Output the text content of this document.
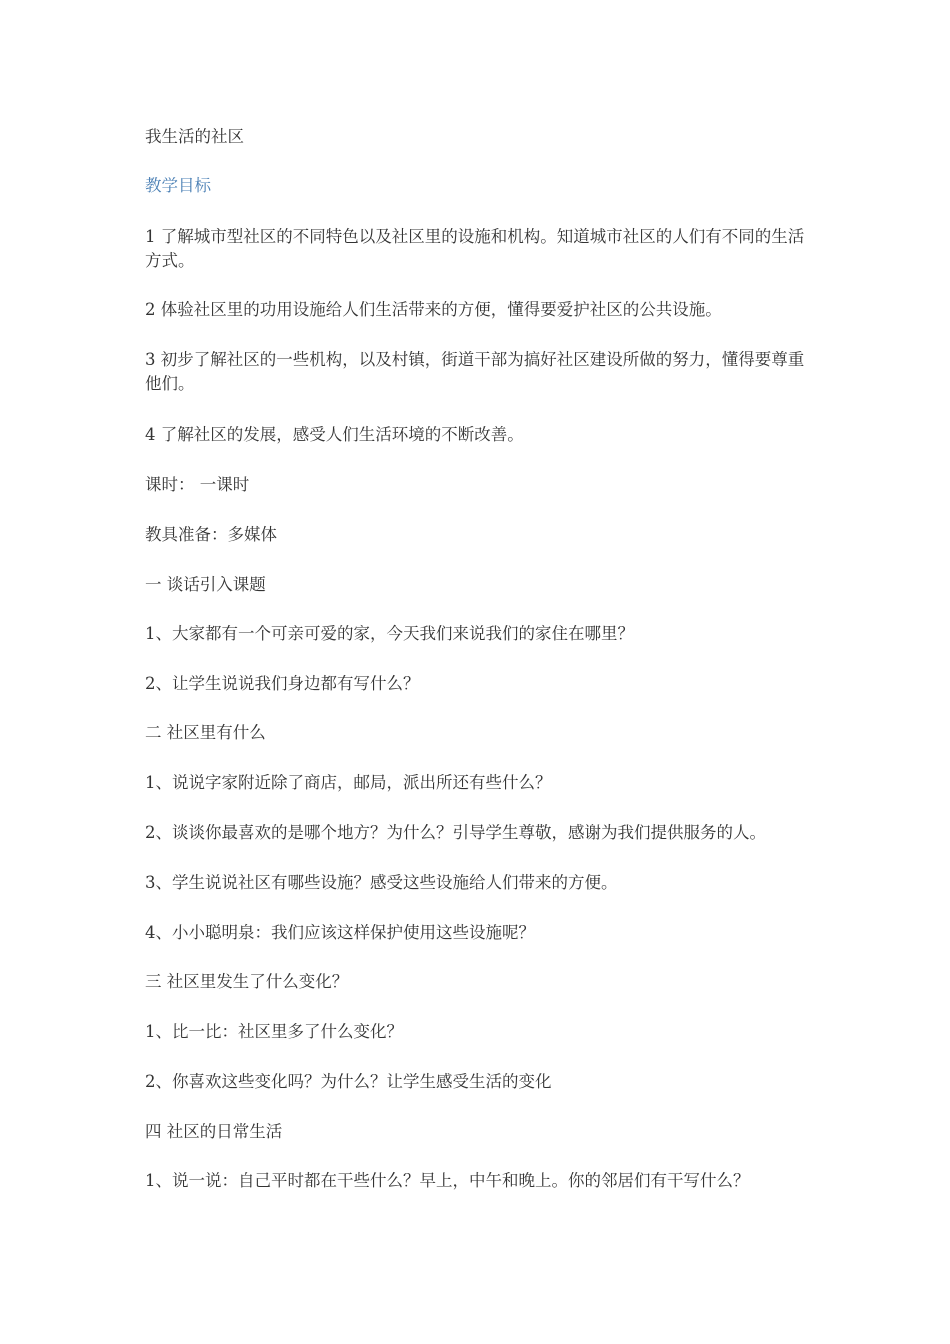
我生活的社区

教学目标

1 了解城市型社区的不同特色以及社区里的设施和机构。知道城市社区的人们有不同的生活方式。

2 体验社区里的功用设施给人们生活带来的方便，懂得要爱护社区的公共设施。

3 初步了解社区的一些机构，以及村镇，街道干部为搞好社区建设所做的努力，懂得要尊重他们。

4 了解社区的发展，感受人们生活环境的不断改善。

课时： 一课时

教具准备：多媒体

一 谈话引入课题

1、大家都有一个可亲可爱的家，今天我们来说我们的家住在哪里？

2、让学生说说我们身边都有写什么？

二 社区里有什么

1、说说字家附近除了商店，邮局，派出所还有些什么？

2、谈谈你最喜欢的是哪个地方？为什么？引导学生尊敬，感谢为我们提供服务的人。

3、学生说说社区有哪些设施？感受这些设施给人们带来的方便。

4、小小聪明泉：我们应该这样保护使用这些设施呢？

三 社区里发生了什么变化？

1、比一比：社区里多了什么变化？

2、你喜欢这些变化吗？为什么？让学生感受生活的变化

四 社区的日常生活

1、说一说：自己平时都在干些什么？早上，中午和晚上。你的邻居们有干写什么？
